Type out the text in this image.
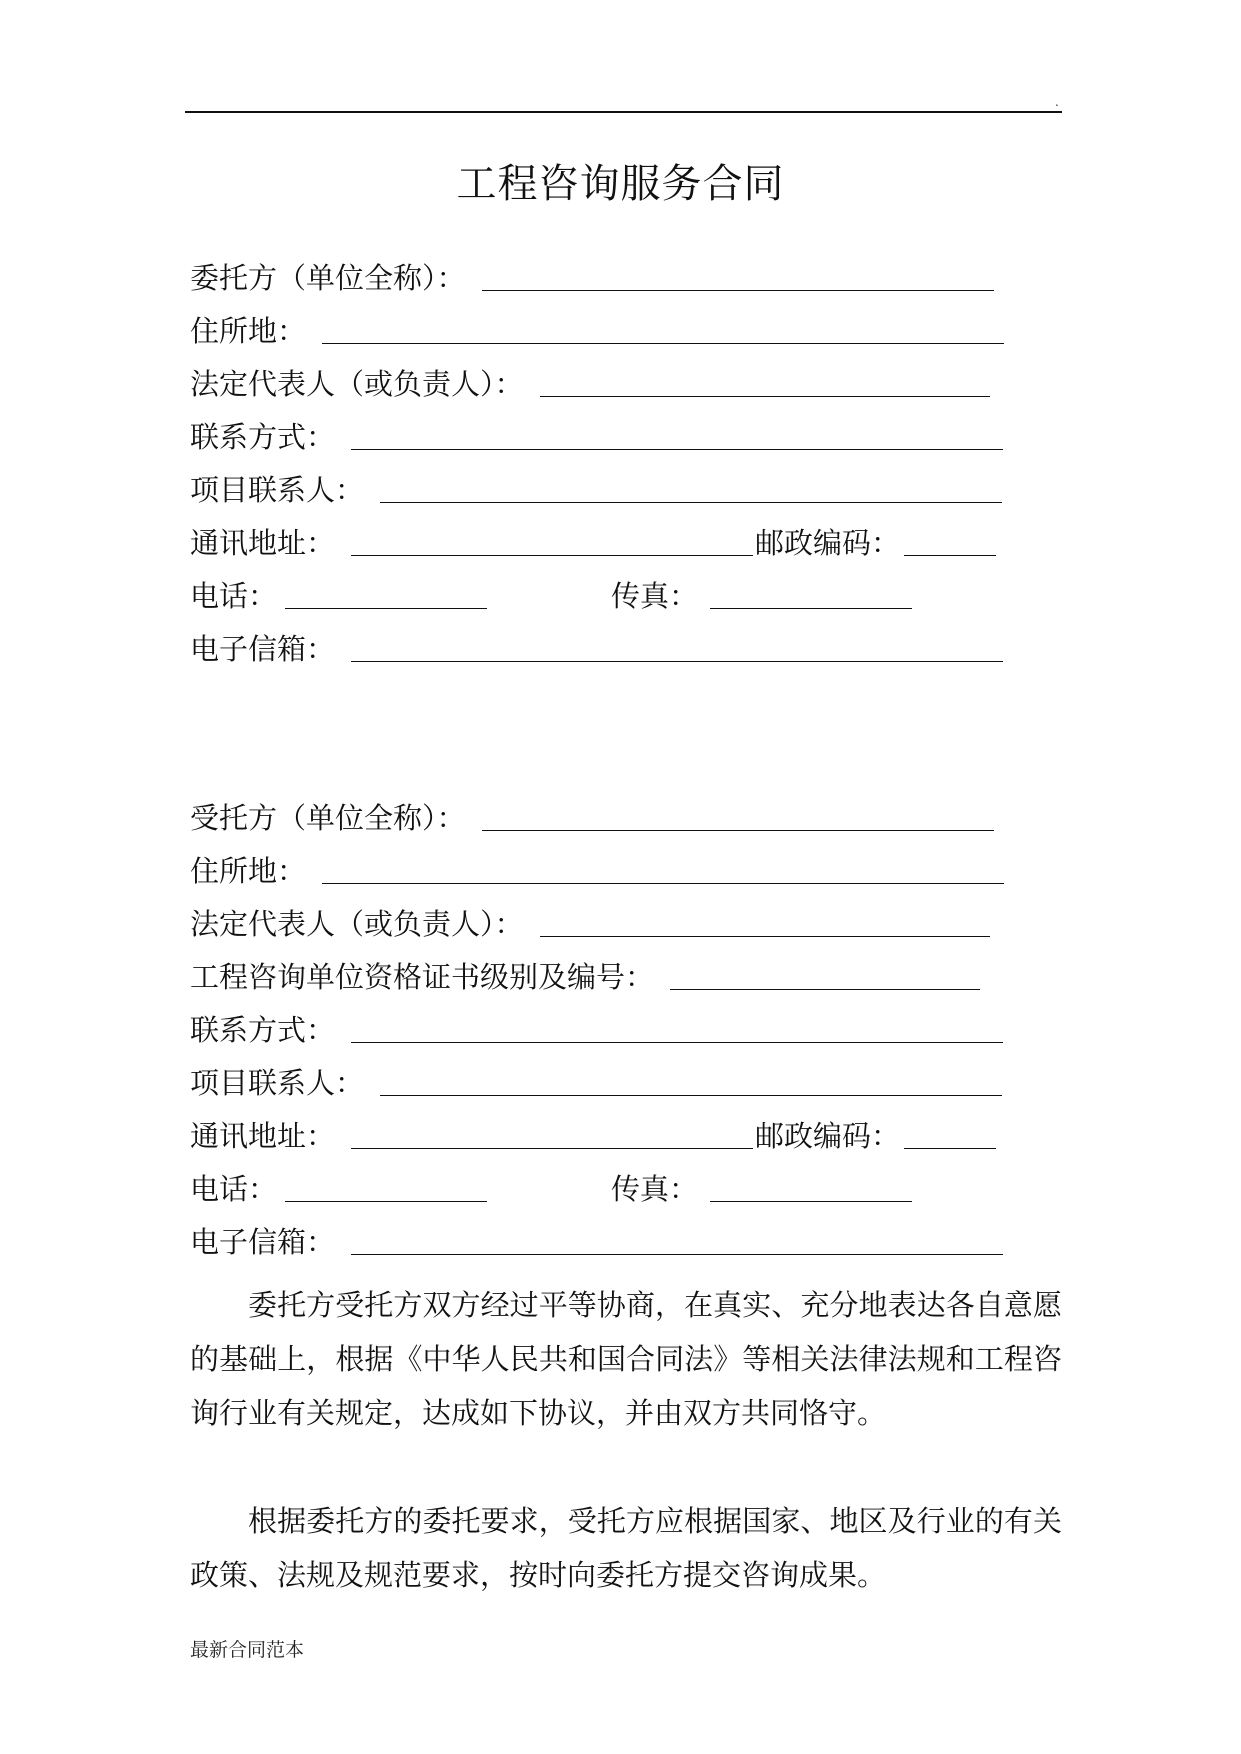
.
工程咨询服务合同
委托方（单位全称）：
住所地：
法定代表人（或负责人）：
联系方式：
项目联系人：
通讯地址：	邮政编码：
电话：	传真：
电子信箱：
受托方（单位全称）：
住所地：
法定代表人（或负责人）：
工程咨询单位资格证书级别及编号：
联系方式：
项目联系人：
通讯地址：	邮政编码：
电话：	传真：
电子信箱：
委托方受托方双方经过平等协商，在真实、充分地表达各自意愿的基础上，根据《中华人民共和国合同法》等相关法律法规和工程咨询行业有关规定，达成如下协议，并由双方共同恪守。
根据委托方的委托要求，受托方应根据国家、地区及行业的有关政策、法规及规范要求，按时向委托方提交咨询成果。
最新合同范本
